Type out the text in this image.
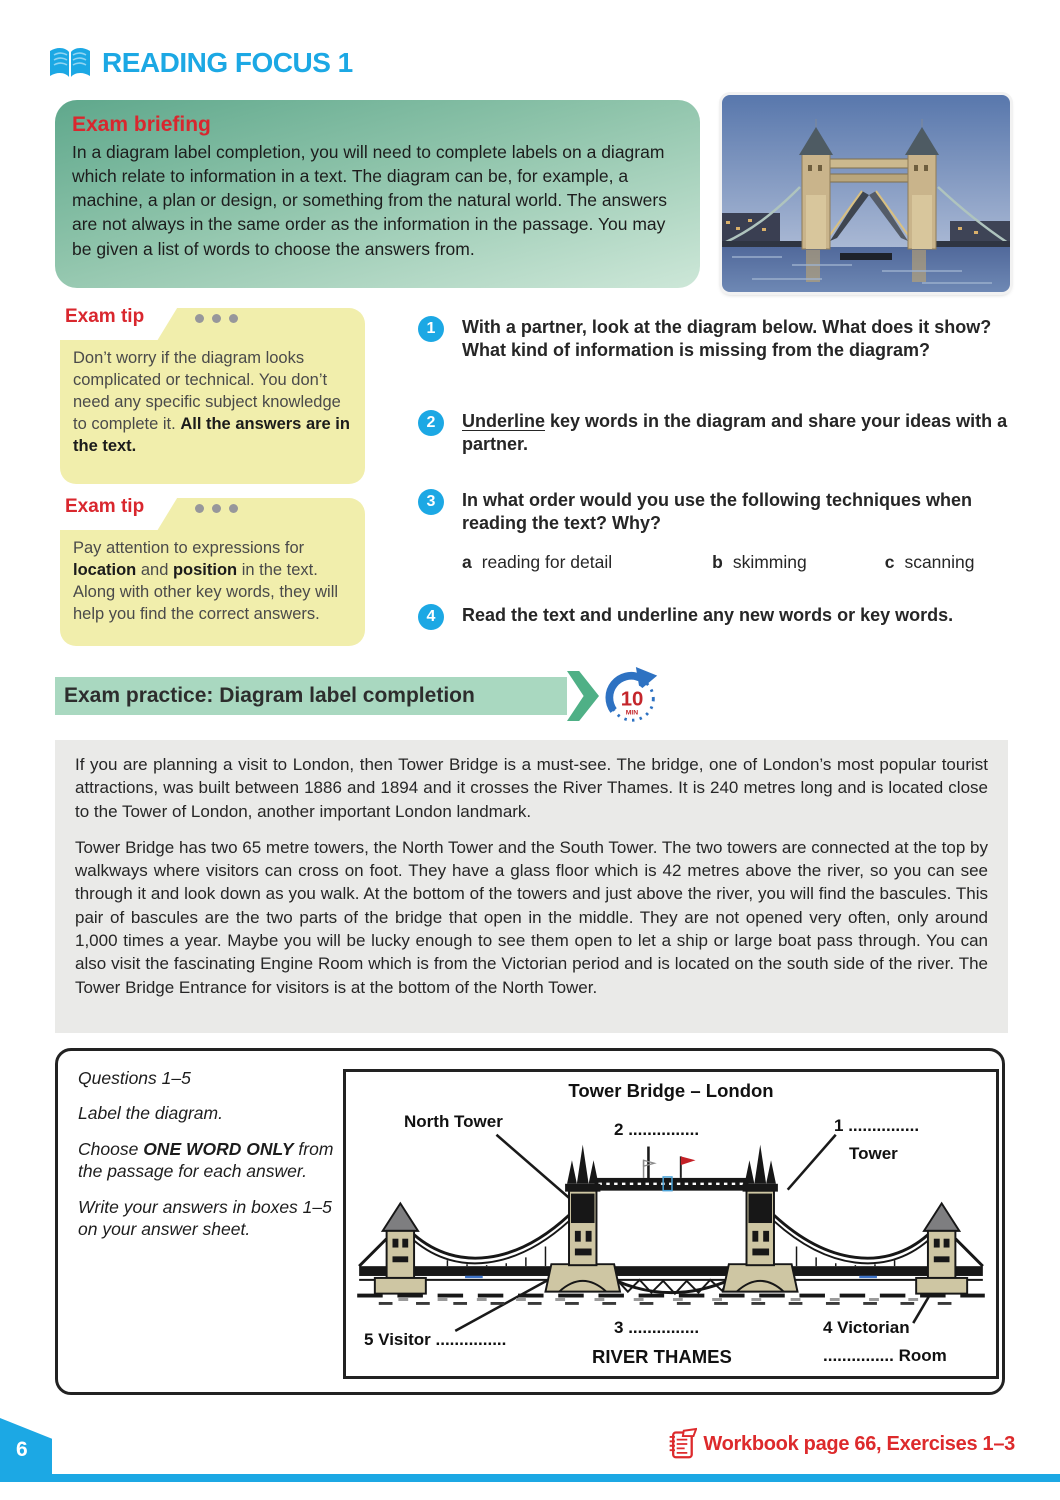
READING FOCUS 1
Exam briefing

In a diagram label completion, you will need to complete labels on a diagram which relate to information in a text. The diagram can be, for example, a machine, a plan or design, or something from the natural world. The answers are not always in the same order as the information in the passage. You may be given a list of words to choose the answers from.

Exam tip
Don’t worry if the diagram looks complicated or technical. You don’t need any specific subject knowledge to complete it. All the answers are in the text.
Exam tip
Pay attention to expressions for location and position in the text. Along with other key words, they will help you find the correct answers.
1	With a partner, look at the diagram below. What does it show? What kind of information is missing from the diagram?
2	Underline key words in the diagram and share your ideas with a partner.
3	In what order would you use the following techniques when reading the text? Why?
a reading for detail	b skimming	c scanning
4	Read the text and underline any new words or key words.
Exam practice: Diagram label completion	10
MIN

If you are planning a visit to London, then Tower Bridge is a must-see. The bridge, one of London’s most popular tourist attractions, was built between 1886 and 1894 and it crosses the River Thames. It is 240 metres long and is located close to the Tower of London, another important London landmark.

Tower Bridge has two 65 metre towers, the North Tower and the South Tower. The two towers are connected at the top by walkways where visitors can cross on foot. They have a glass floor which is 42 metres above the river, so you can see through it and look down as you walk. At the bottom of the towers and just above the river, you will find the bascules. This pair of bascules are the two parts of the bridge that open in the middle. They are not opened very often, only around 1,000 times a year. Maybe you will be lucky enough to see them open to let a ship or large boat pass through. You can also visit the fascinating Engine Room which is from the Victorian period and is located on the south side of the river. The Tower Bridge Entrance for visitors is at the bottom of the North Tower.

Questions 1–5

Label the diagram.

Choose ONE WORD ONLY from the passage for each answer.

Write your answers in boxes 1–5 on your answer sheet.

Tower Bridge – London
North Tower	2 ...............	1 ...............
Tower
5 Visitor ...............
3 ...............
RIVER THAMES
4 Victorian
............... Room
6	Workbook page 66, Exercises 1–3
